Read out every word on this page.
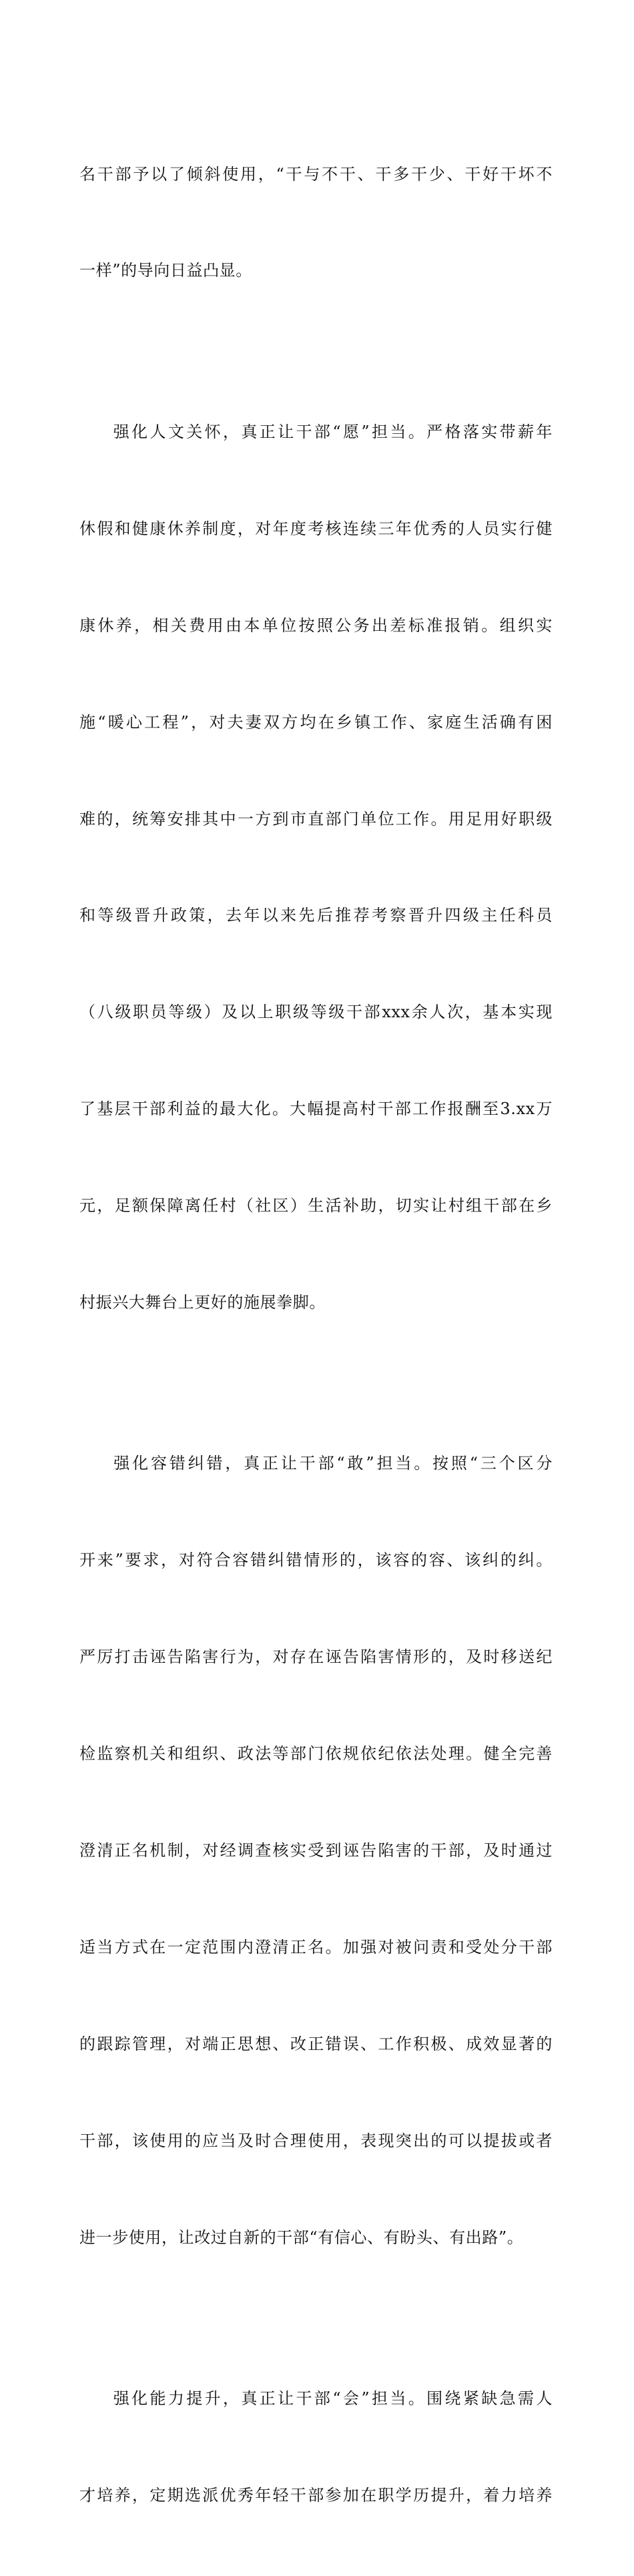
名干部予以了倾斜使用，“干与不干、干多干少、干好干坏不

一样”的导向日益凸显。

强化人文关怀，真正让干部“愿”担当。严格落实带薪年

休假和健康休养制度，对年度考核连续三年优秀的人员实行健

康休养，相关费用由本单位按照公务出差标准报销。组织实

施“暖心工程”，对夫妻双方均在乡镇工作、家庭生活确有困

难的，统筹安排其中一方到市直部门单位工作。用足用好职级

和等级晋升政策，去年以来先后推荐考察晋升四级主任科员

（八级职员等级）及以上职级等级干部xxx余人次，基本实现

了基层干部利益的最大化。大幅提高村干部工作报酬至3.xx万

元，足额保障离任村（社区）生活补助，切实让村组干部在乡

村振兴大舞台上更好的施展拳脚。

强化容错纠错，真正让干部“敢”担当。按照“三个区分

开来”要求，对符合容错纠错情形的，该容的容、该纠的纠。

严厉打击诬告陷害行为，对存在诬告陷害情形的，及时移送纪

检监察机关和组织、政法等部门依规依纪依法处理。健全完善

澄清正名机制，对经调查核实受到诬告陷害的干部，及时通过

适当方式在一定范围内澄清正名。加强对被问责和受处分干部

的跟踪管理，对端正思想、改正错误、工作积极、成效显著的

干部，该使用的应当及时合理使用，表现突出的可以提拔或者

进一步使用，让改过自新的干部“有信心、有盼头、有出路”。

强化能力提升，真正让干部“会”担当。围绕紧缺急需人

才培养，定期选派优秀年轻干部参加在职学历提升，着力培养
